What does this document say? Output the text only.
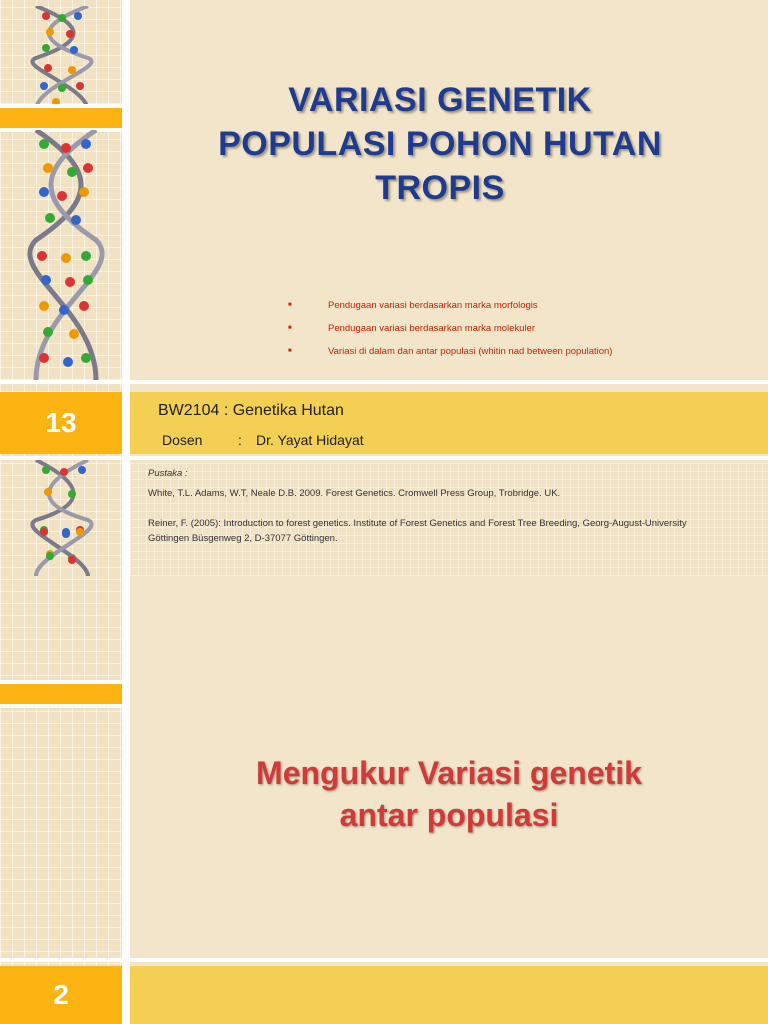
VARIASI GENETIK
POPULASI POHON HUTAN
TROPIS
■ Pendugaan variasi berdasarkan marka morfologis
■ Pendugaan variasi berdasarkan marka molekuler
■ Variasi di dalam dan antar populasi (whitin nad between population)
13	BW2104 : Genetika Hutan
Dosen	: Dr. Yayat Hidayat
2
Pustaka :
White, T.L. Adams, W.T, Neale D.B. 2009. Forest Genetics. Cromwell Press Group, Trobridge. UK.
Reiner, F. (2005): Introduction to forest genetics. Institute of Forest Genetics and Forest Tree Breeding, Georg-August-University Göttingen Büsgenweg 2, D-37077 Göttingen.
Mengukur Variasi genetik
antar populasi
